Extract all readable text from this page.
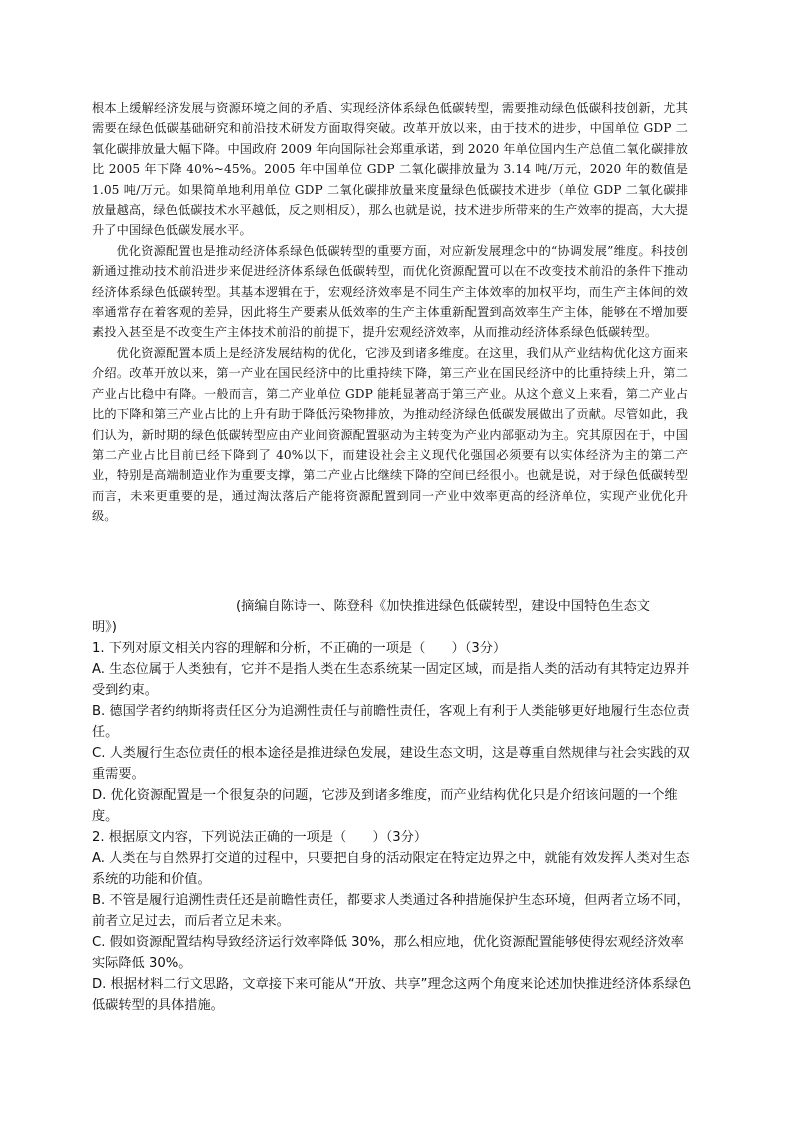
根本上缓解经济发展与资源环境之间的矛盾、实现经济体系绿色低碳转型，需要推动绿色低碳科技创新，尤其需要在绿色低碳基础研究和前沿技术研发方面取得突破。改革开放以来，由于技术的进步，中国单位 GDP 二氧化碳排放量大幅下降。中国政府 2009 年向国际社会郑重承诺，到 2020 年单位国内生产总值二氧化碳排放比 2005 年下降 40%~45%。2005 年中国单位 GDP 二氧化碳排放量为 3.14 吨/万元，2020 年的数值是 1.05 吨/万元。如果简单地利用单位 GDP 二氧化碳排放量来度量绿色低碳技术进步（单位 GDP 二氧化碳排放量越高，绿色低碳技术水平越低，反之则相反），那么也就是说，技术进步所带来的生产效率的提高，大大提升了中国绿色低碳发展水平。

优化资源配置也是推动经济体系绿色低碳转型的重要方面，对应新发展理念中的“协调发展”维度。科技创新通过推动技术前沿进步来促进经济体系绿色低碳转型，而优化资源配置可以在不改变技术前沿的条件下推动经济体系绿色低碳转型。其基本逻辑在于，宏观经济效率是不同生产主体效率的加权平均，而生产主体间的效率通常存在着客观的差异，因此将生产要素从低效率的生产主体重新配置到高效率生产主体，能够在不增加要素投入甚至是不改变生产主体技术前沿的前提下，提升宏观经济效率，从而推动经济体系绿色低碳转型。

优化资源配置本质上是经济发展结构的优化，它涉及到诸多维度。在这里，我们从产业结构优化这方面来介绍。改革开放以来，第一产业在国民经济中的比重持续下降，第三产业在国民经济中的比重持续上升，第二产业占比稳中有降。一般而言，第二产业单位 GDP 能耗显著高于第三产业。从这个意义上来看，第二产业占比的下降和第三产业占比的上升有助于降低污染物排放，为推动经济绿色低碳发展做出了贡献。尽管如此，我们认为，新时期的绿色低碳转型应由产业间资源配置驱动为主转变为产业内部驱动为主。究其原因在于，中国第二产业占比目前已经下降到了 40%以下，而建设社会主义现代化强国必须要有以实体经济为主的第二产业，特别是高端制造业作为重要支撑，第二产业占比继续下降的空间已经很小。也就是说，对于绿色低碳转型而言，未来更重要的是，通过淘汰落后产能将资源配置到同一产业中效率更高的经济单位，实现产业优化升级。

(摘编自陈诗一、陈登科《加快推进绿色低碳转型，建设中国特色生态文
明》)

1. 下列对原文相关内容的理解和分析，不正确的一项是（　　）（3分）

A. 生态位属于人类独有，它并不是指人类在生态系统某一固定区域，而是指人类的活动有其特定边界并受到约束。

B. 德国学者约纳斯将责任区分为追溯性责任与前瞻性责任，客观上有利于人类能够更好地履行生态位责任。

C. 人类履行生态位责任的根本途径是推进绿色发展，建设生态文明，这是尊重自然规律与社会实践的双重需要。

D. 优化资源配置是一个很复杂的问题，它涉及到诸多维度，而产业结构优化只是介绍该问题的一个维度。

2. 根据原文内容，下列说法正确的一项是（　　）（3分）

A. 人类在与自然界打交道的过程中，只要把自身的活动限定在特定边界之中，就能有效发挥人类对生态系统的功能和价值。

B. 不管是履行追溯性责任还是前瞻性责任，都要求人类通过各种措施保护生态环境，但两者立场不同，前者立足过去，而后者立足未来。

C. 假如资源配置结构导致经济运行效率降低 30%，那么相应地，优化资源配置能够使得宏观经济效率实际降低 30%。

D. 根据材料二行文思路，文章接下来可能从“开放、共享”理念这两个角度来论述加快推进经济体系绿色低碳转型的具体措施。
